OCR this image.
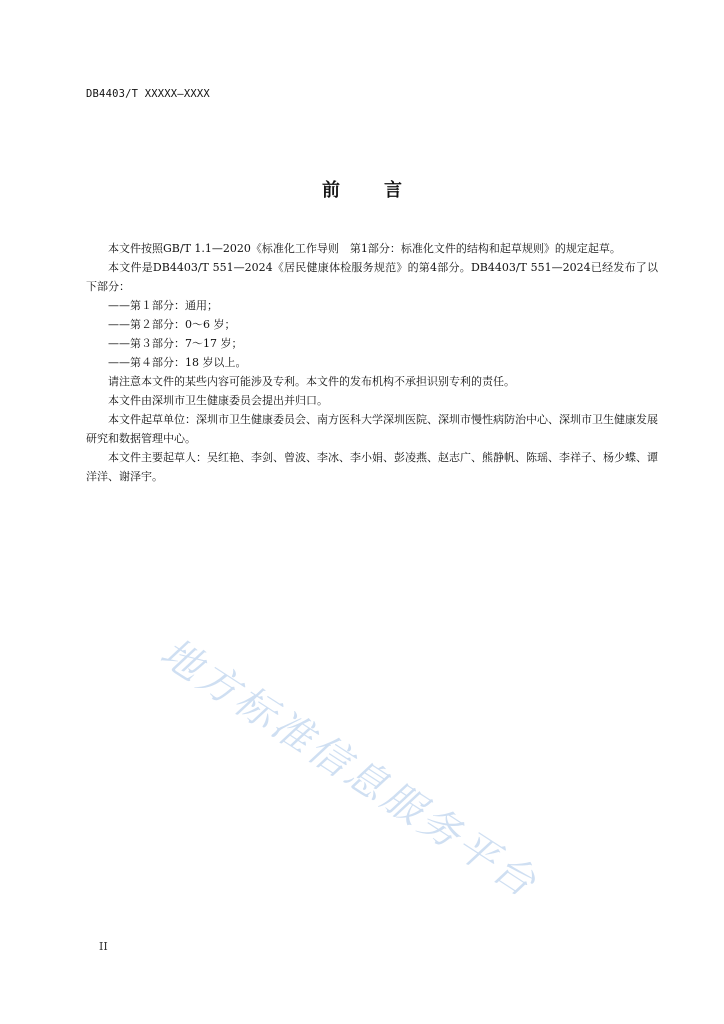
DB4403/T XXXXX—XXXX
前言

本文件按照GB/T 1.1—2020《标准化工作导则　第1部分：标准化文件的结构和起草规则》的规定起草。

本文件是DB4403/T 551—2024《居民健康体检服务规范》的第4部分。DB4403/T 551—2024已经发布了以下部分：

——第１部分：通用；

——第２部分：0～6 岁；

——第３部分：7～17 岁；

——第４部分：18 岁以上。

请注意本文件的某些内容可能涉及专利。本文件的发布机构不承担识别专利的责任。

本文件由深圳市卫生健康委员会提出并归口。

本文件起草单位：深圳市卫生健康委员会、南方医科大学深圳医院、深圳市慢性病防治中心、深圳市卫生健康发展研究和数据管理中心。

本文件主要起草人：吴红艳、李剑、曾波、李冰、李小娟、彭凌燕、赵志广、熊静帆、陈瑶、李祥子、杨少蝶、谭洋洋、谢泽宇。

地方标准信息服务平台
II
